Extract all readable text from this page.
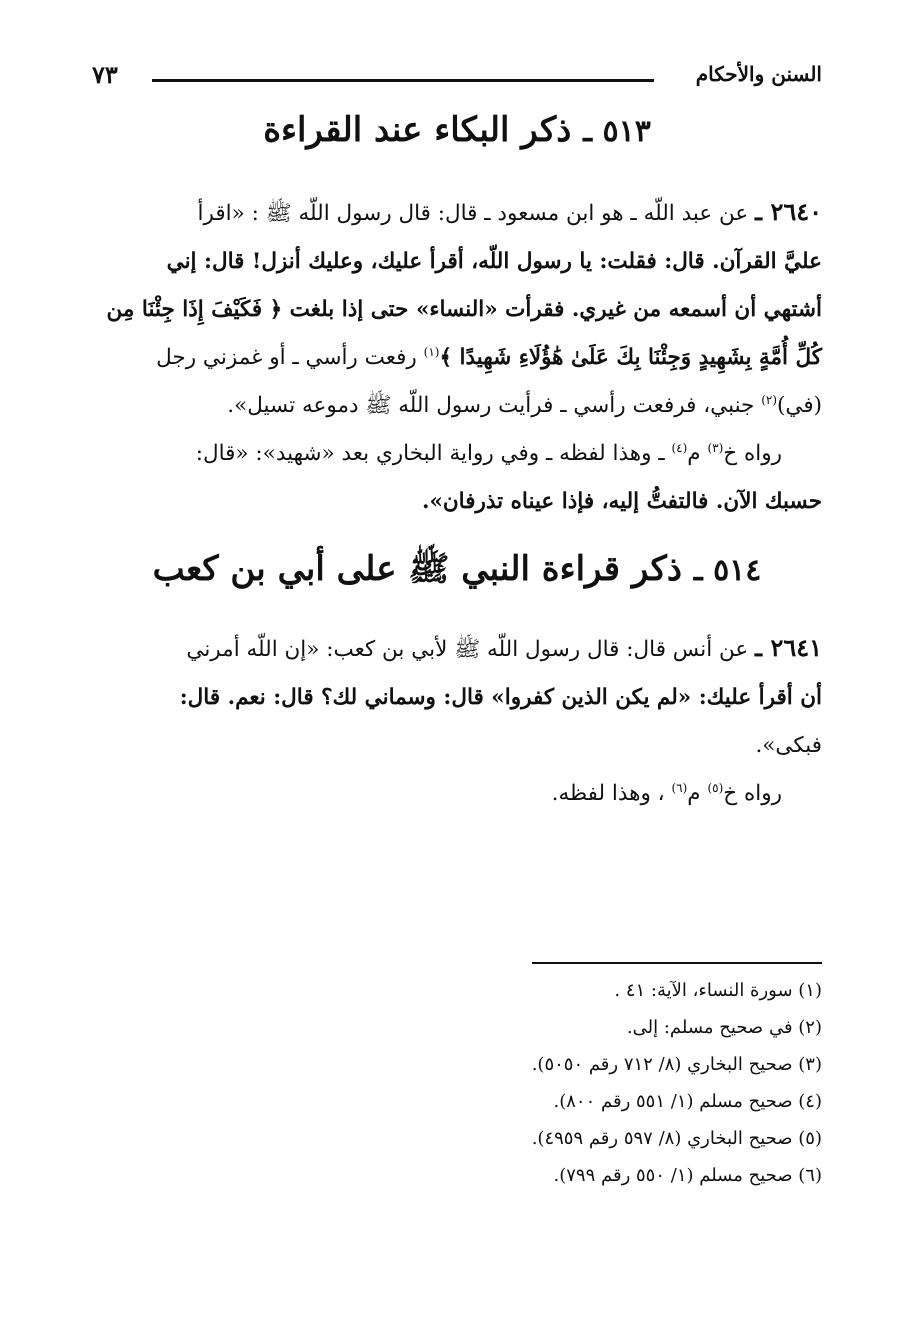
السنن والأحكام
٧٣
٥١٣ ـ ذكر البكاء عند القراءة
٢٦٤٠ ـ عن عبد اللّه ـ هو ابن مسعود ـ قال: قال رسول اللّه ﷺ : «اقرأ
عليَّ القرآن. قال: فقلت: يا رسول اللّه، أقرأ عليك، وعليك أنزل! قال: إني
أشتهي أن أسمعه من غيري. فقرأت «النساء» حتى إذا بلغت ﴿ فَكَيْفَ إِذَا جِئْنَا مِن
كُلِّ أُمَّةٍ بِشَهِيدٍ وَجِئْنَا بِكَ عَلَىٰ هَٰؤُلَاءِ شَهِيدًا ﴾$^{(١)}$ رفعت رأسي ـ أو غمزني رجل
(في)$^{(٢)}$ جنبي، فرفعت رأسي ـ فرأيت رسول اللّه ﷺ دموعه تسيل».
رواه خ$^{(٣)}$ م$^{(٤)}$ ـ وهذا لفظه ـ وفي رواية البخاري بعد «شهيد»: «قال:
حسبك الآن. فالتفتُّ إليه، فإذا عيناه تذرفان».
٥١٤ ـ ذكر قراءة النبي ﷺ على أبي بن كعب
٢٦٤١ ـ عن أنس قال: قال رسول اللّه ﷺ لأبي بن كعب: «إن اللّه أمرني
أن أقرأ عليك: «لم يكن الذين كفروا» قال: وسماني لك؟ قال: نعم. قال:
فبكى».
رواه خ$^{(٥)}$ م$^{(٦)}$ ، وهذا لفظه.
(١) سورة النساء، الآية: ٤١ .
(٢) في صحيح مسلم: إلى.
(٣) صحيح البخاري (٨/ ٧١٢ رقم ٥٠٥٠).
(٤) صحيح مسلم (١/ ٥٥١ رقم ٨٠٠).
(٥) صحيح البخاري (٨/ ٥٩٧ رقم ٤٩٥٩).
(٦) صحيح مسلم (١/ ٥٥٠ رقم ٧٩٩).
